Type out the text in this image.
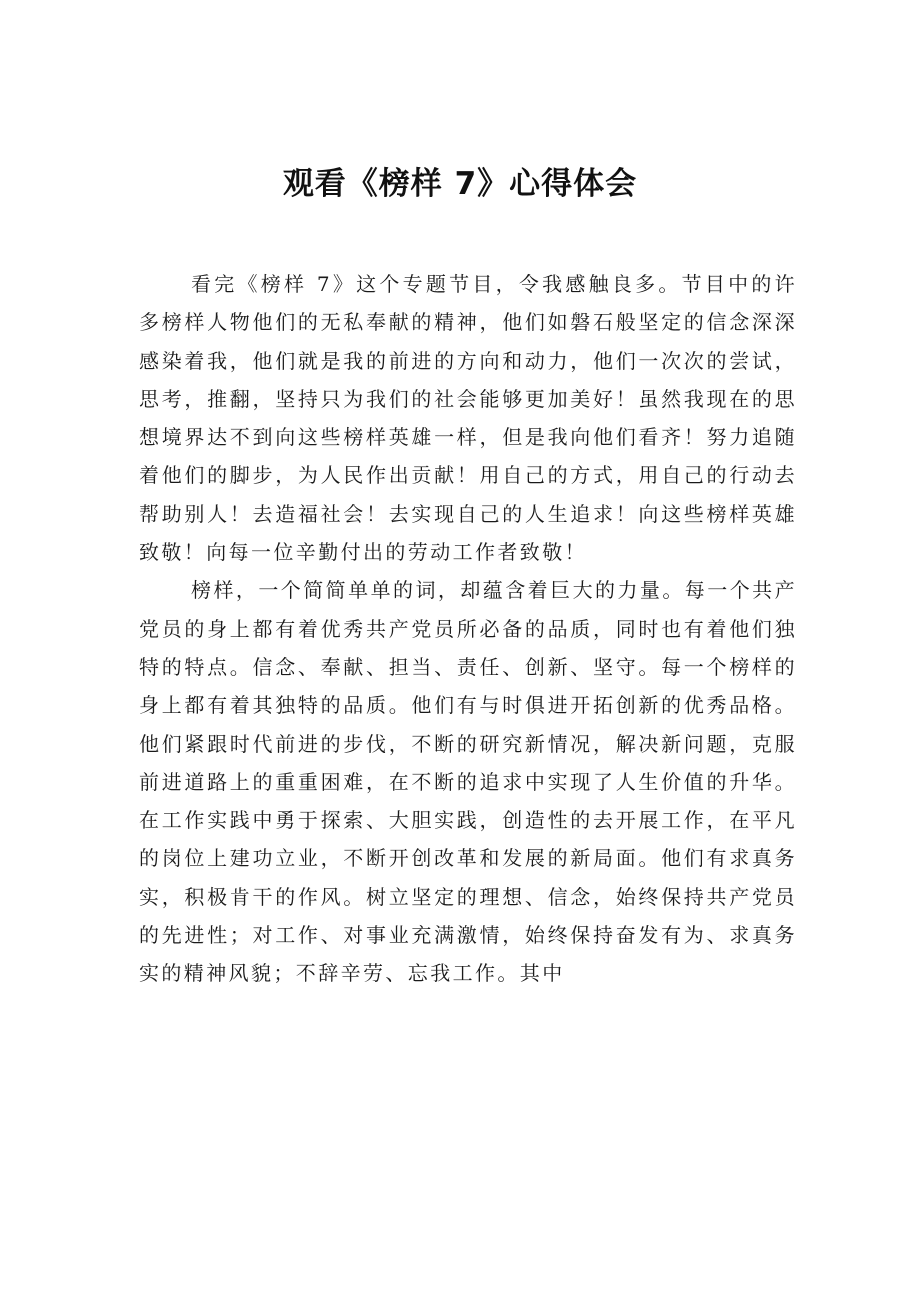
观看《榜样 7》心得体会

看完《榜样 7》这个专题节目，令我感触良多。节目中的许多榜样人物他们的无私奉献的精神，他们如磐石般坚定的信念深深感染着我，他们就是我的前进的方向和动力，他们一次次的尝试，思考，推翻，坚持只为我们的社会能够更加美好！虽然我现在的思想境界达不到向这些榜样英雄一样，但是我向他们看齐！努力追随着他们的脚步，为人民作出贡献！用自己的方式，用自己的行动去帮助别人！去造福社会！去实现自己的人生追求！向这些榜样英雄致敬！向每一位辛勤付出的劳动工作者致敬！

榜样，一个简简单单的词，却蕴含着巨大的力量。每一个共产党员的身上都有着优秀共产党员所必备的品质，同时也有着他们独特的特点。信念、奉献、担当、责任、创新、坚守。每一个榜样的身上都有着其独特的品质。他们有与时俱进开拓创新的优秀品格。他们紧跟时代前进的步伐，不断的研究新情况，解决新问题，克服前进道路上的重重困难，在不断的追求中实现了人生价值的升华。在工作实践中勇于探索、大胆实践，创造性的去开展工作，在平凡的岗位上建功立业，不断开创改革和发展的新局面。他们有求真务实，积极肯干的作风。树立坚定的理想、信念，始终保持共产党员的先进性；对工作、对事业充满激情，始终保持奋发有为、求真务实的精神风貌；不辞辛劳、忘我工作。其中
